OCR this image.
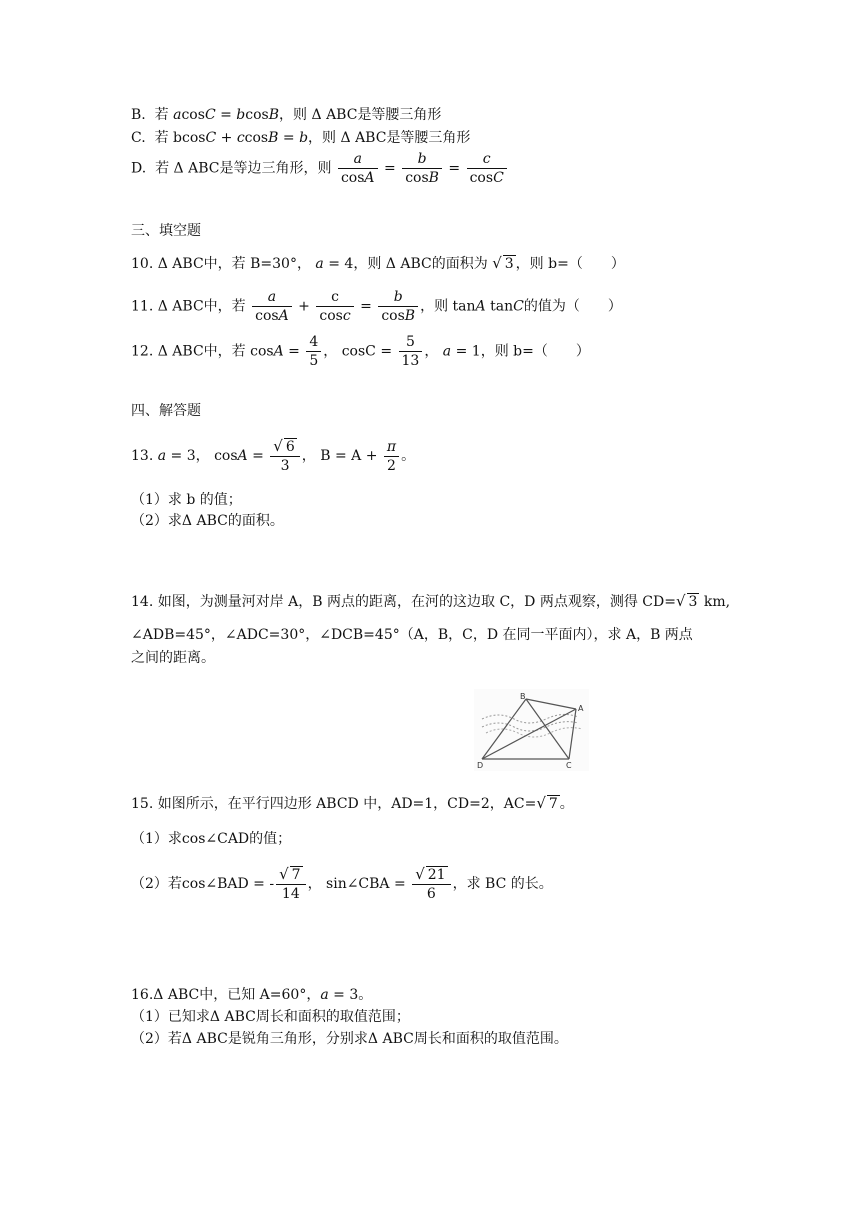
B. 若 acosC = bcosB，则 Δ ABC是等腰三角形
C. 若 bcosC + ccosB = b，则 Δ ABC是等腰三角形
D. 若 Δ ABC是等边三角形，则 $\frac{a}{\cos A} = \frac{b}{\cos B} = \frac{c}{\cos C}$
三、填空题
10. Δ ABC中，若 B=30°， a = 4，则 Δ ABC的面积为 √ 3 ，则 b=（　　）
11. Δ ABC中，若 $\frac{a}{\cos A} + \frac{c}{\cos c} = \frac{b}{\cos B}$ ，则 tanA tanC的值为（　　）
12. Δ ABC中，若 $\cos A = \frac{4}{5}$ ， $\cos C = \frac{5}{13}$ ， a = 1，则 b=（　　）
四、解答题
13. a = 3， $\cos A = \frac{√ 6}{3}$ ， $B = A + \frac{\pi}{2}$ 。
（1）求 b 的值；
（2）求Δ ABC的面积。
14. 如图，为测量河对岸 A，B 两点的距离，在河的这边取 C，D 两点观察，测得 CD=√ 3 km,
∠ADB=45°，∠ADC=30°，∠DCB=45°（A，B，C，D 在同一平面内），求 A，B 两点
之间的距离。
B
A
D	C
15. 如图所示，在平行四边形 ABCD 中，AD=1，CD=2，AC=√ 7 。
（1）求cos∠CAD的值；
（2）若cos∠BAD = - $\frac{√ 7}{14}$ ， sin∠CBA = $\frac{√ 21}{6}$ ，求 BC 的长。
16.Δ ABC中，已知 A=60°，a = 3。
（1）已知求Δ ABC周长和面积的取值范围；
（2）若Δ ABC是锐角三角形，分别求Δ ABC周长和面积的取值范围。
